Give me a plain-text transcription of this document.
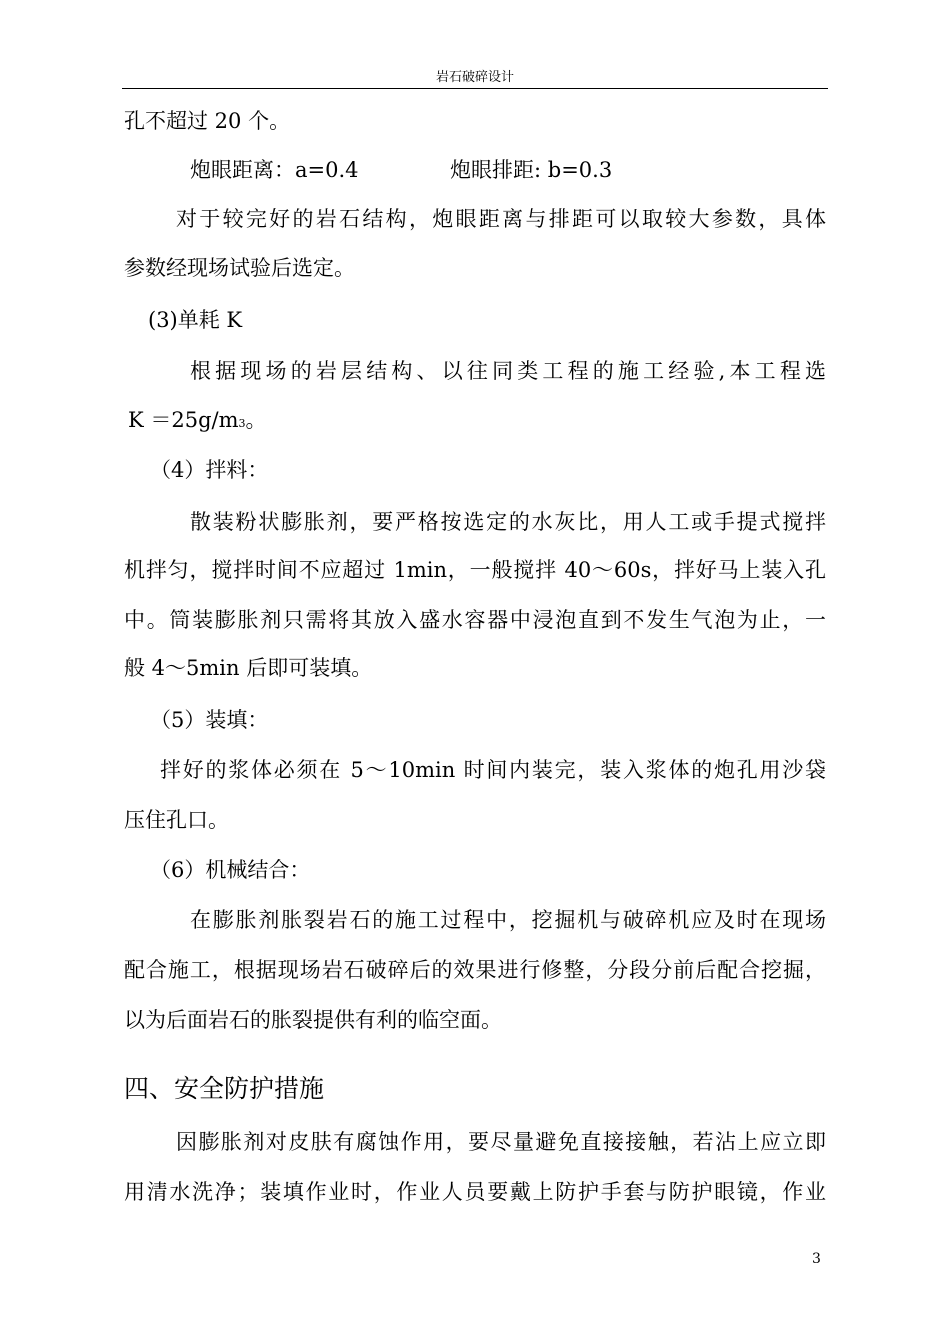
岩石破碎设计
孔不超过 20 个。
炮眼距离：a=0.4	炮眼排距: b=0.3
对于较完好的岩石结构，炮眼距离与排距可以取较大参数，具体
参数经现场试验后选定。
(3)单耗 K
根据现场的岩层结构、以往同类工程的施工经验,本工程选
K ＝25g/m3。
（4）拌料：
散装粉状膨胀剂，要严格按选定的水灰比，用人工或手提式搅拌
机拌匀，搅拌时间不应超过 1min，一般搅拌 40～60s，拌好马上装入孔
中。筒装膨胀剂只需将其放入盛水容器中浸泡直到不发生气泡为止，一
般 4～5min 后即可装填。
（5）装填：
拌好的浆体必须在 5～10min 时间内装完，装入浆体的炮孔用沙袋
压住孔口。
（6）机械结合：
在膨胀剂胀裂岩石的施工过程中，挖掘机与破碎机应及时在现场
配合施工，根据现场岩石破碎后的效果进行修整，分段分前后配合挖掘，
以为后面岩石的胀裂提供有利的临空面。
四、安全防护措施
因膨胀剂对皮肤有腐蚀作用，要尽量避免直接接触，若沾上应立即
用清水洗净；装填作业时，作业人员要戴上防护手套与防护眼镜，作业
3
